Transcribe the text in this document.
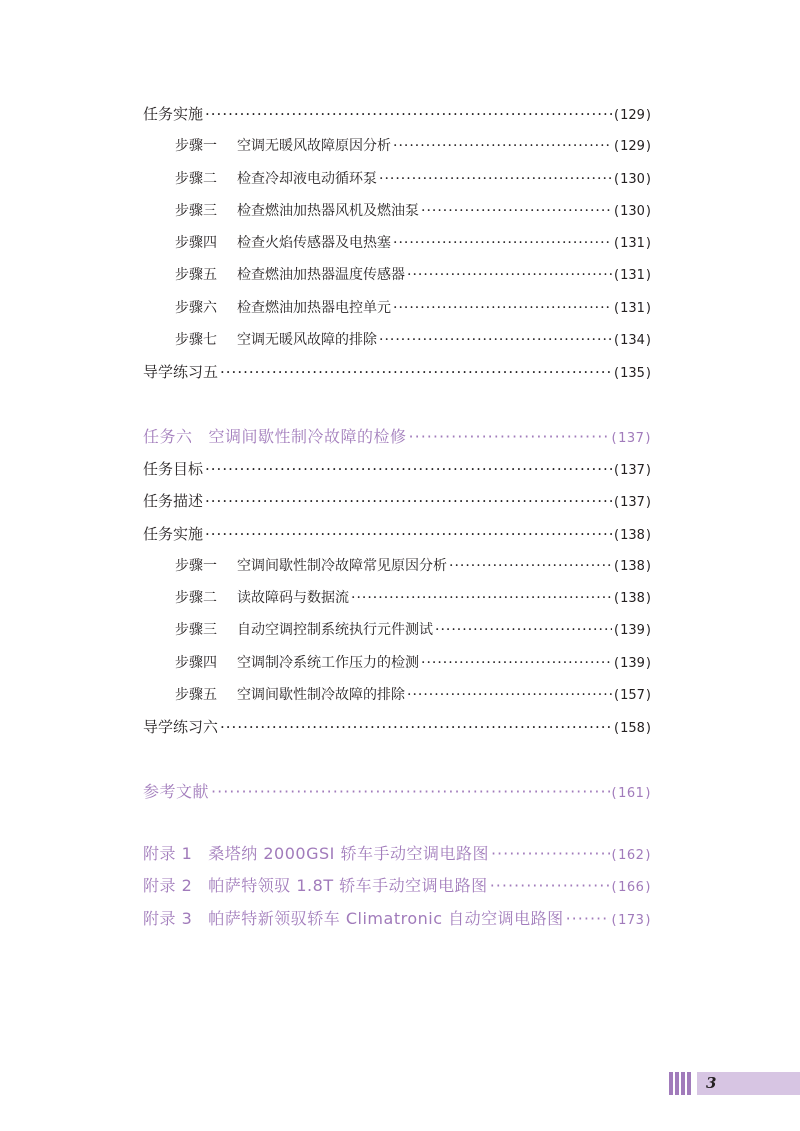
任务实施 ·····	(129)
步骤一 空调无暖风故障原因分析 ·····	(129)
步骤二 检查冷却液电动循环泵 ·····	(130)
步骤三 检查燃油加热器风机及燃油泵 ·····	(130)
步骤四 检查火焰传感器及电热塞 ·····	(131)
步骤五 检查燃油加热器温度传感器 ·····	(131)
步骤六 检查燃油加热器电控单元 ·····	(131)
步骤七 空调无暖风故障的排除 ·····	(134)
导学练习五 ·····	(135)
任务六 空调间歇性制冷故障的检修 ·····	(137)
任务目标 ·····	(137)
任务描述 ·····	(137)
任务实施 ·····	(138)
步骤一 空调间歇性制冷故障常见原因分析 ·····	(138)
步骤二 读故障码与数据流 ·····	(138)
步骤三 自动空调控制系统执行元件测试 ·····	(139)
步骤四 空调制冷系统工作压力的检测 ·····	(139)
步骤五 空调间歇性制冷故障的排除 ·····	(157)
导学练习六 ·····	(158)
参考文献 ·····	(161)
附录 1 桑塔纳 2000GSI 轿车手动空调电路图 ·····	(162)
附录 2 帕萨特领驭 1.8T 轿车手动空调电路图 ·····	(166)
附录 3 帕萨特新领驭轿车 Climatronic 自动空调电路图 ·····	(173)
3
